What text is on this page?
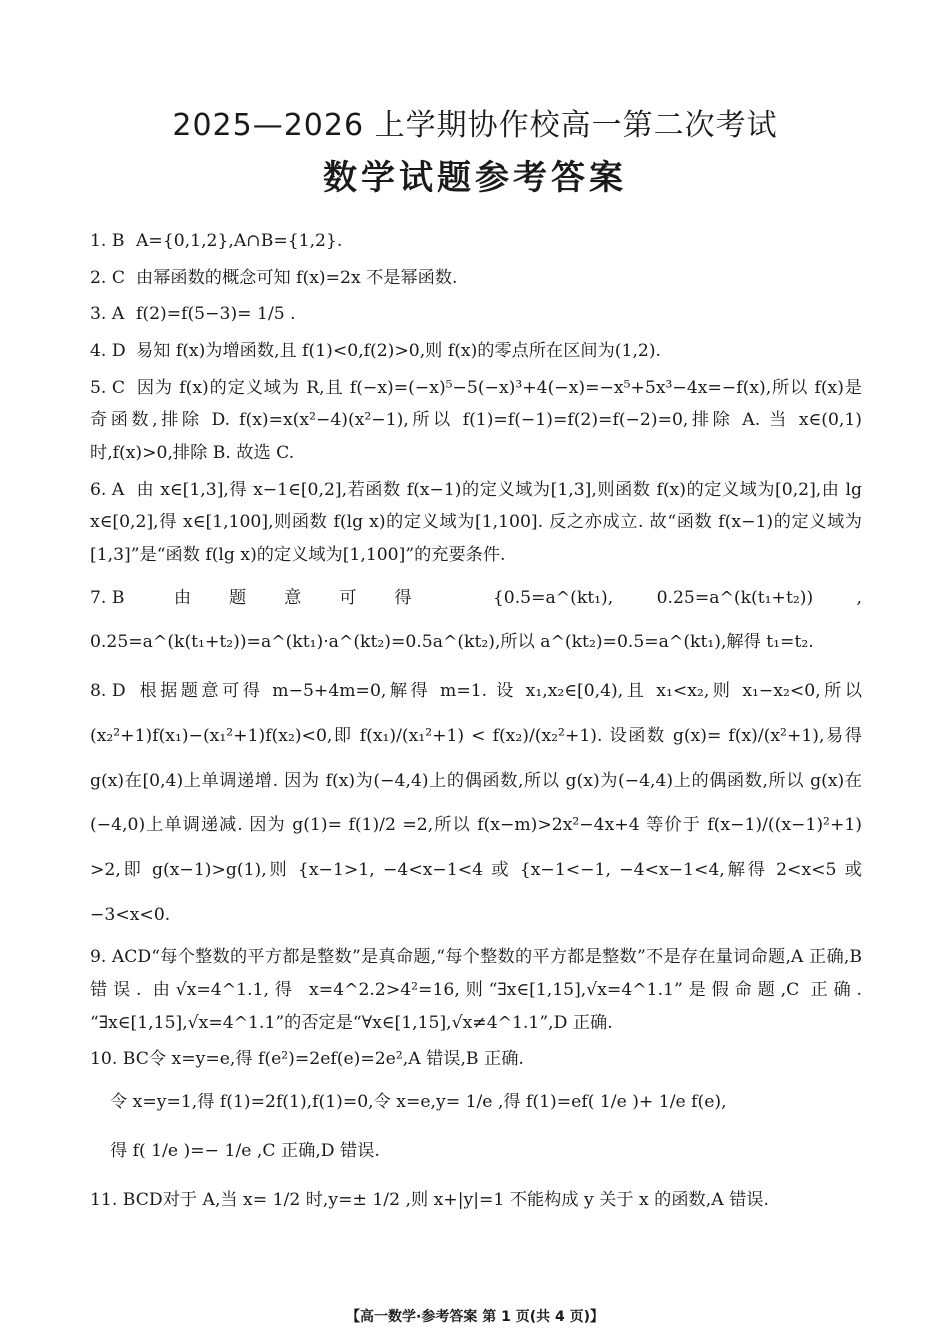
2025—2026 上学期协作校高一第二次考试
数学试题参考答案
1. B A={0,1,2},A∩B={1,2}.
2. C 由幂函数的概念可知 f(x)=2x 不是幂函数.
3. A f(2)=f(5−3)= 1/5 .
4. D 易知 f(x)为增函数,且 f(1)<0,f(2)>0,则 f(x)的零点所在区间为(1,2).
5. C 因为 f(x)的定义域为 R,且 f(−x)=(−x)⁵−5(−x)³+4(−x)=−x⁵+5x³−4x=−f(x),所以 f(x)是奇函数,排除 D. f(x)=x(x²−4)(x²−1),所以 f(1)=f(−1)=f(2)=f(−2)=0,排除 A. 当 x∈(0,1)时,f(x)>0,排除 B. 故选 C.
6. A 由 x∈[1,3],得 x−1∈[0,2],若函数 f(x−1)的定义域为[1,3],则函数 f(x)的定义域为[0,2],由 lg x∈[0,2],得 x∈[1,100],则函数 f(lg x)的定义域为[1,100]. 反之亦成立. 故“函数 f(x−1)的定义域为[1,3]”是“函数 f(lg x)的定义域为[1,100]”的充要条件.
7. B 由题意可得 {0.5=a^(kt₁), 0.25=a^(k(t₁+t₂)) , 0.25=a^(k(t₁+t₂))=a^(kt₁)·a^(kt₂)=0.5a^(kt₂),所以 a^(kt₂)=0.5=a^(kt₁),解得 t₁=t₂.
8. D 根据题意可得 m−5+4m=0,解得 m=1. 设 x₁,x₂∈[0,4),且 x₁<x₂,则 x₁−x₂<0,所以(x₂²+1)f(x₁)−(x₁²+1)f(x₂)<0,即 f(x₁)/(x₁²+1) < f(x₂)/(x₂²+1). 设函数 g(x)= f(x)/(x²+1),易得 g(x)在[0,4)上单调递增. 因为 f(x)为(−4,4)上的偶函数,所以 g(x)为(−4,4)上的偶函数,所以 g(x)在(−4,0)上单调递减. 因为 g(1)= f(1)/2 =2,所以 f(x−m)>2x²−4x+4 等价于 f(x−1)/((x−1)²+1) >2,即 g(x−1)>g(1),则 {x−1>1, −4<x−1<4 或 {x−1<−1, −4<x−1<4,解得 2<x<5 或−3<x<0.
9. ACD“每个整数的平方都是整数”是真命题,“每个整数的平方都是整数”不是存在量词命题,A 正确,B 错误. 由√x=4^1.1,得 x=4^2.2>4²=16,则“∃x∈[1,15],√x=4^1.1”是假命题,C 正确. “∃x∈[1,15],√x=4^1.1”的否定是“∀x∈[1,15],√x≠4^1.1”,D 正确.
10. BC令 x=y=e,得 f(e²)=2ef(e)=2e²,A 错误,B 正确.
令 x=y=1,得 f(1)=2f(1),f(1)=0,令 x=e,y= 1/e ,得 f(1)=ef( 1/e )+ 1/e f(e),
得 f( 1/e )=− 1/e ,C 正确,D 错误.
11. BCD对于 A,当 x= 1/2 时,y=± 1/2 ,则 x+|y|=1 不能构成 y 关于 x 的函数,A 错误.
【高一数学·参考答案 第 1 页(共 4 页)】
